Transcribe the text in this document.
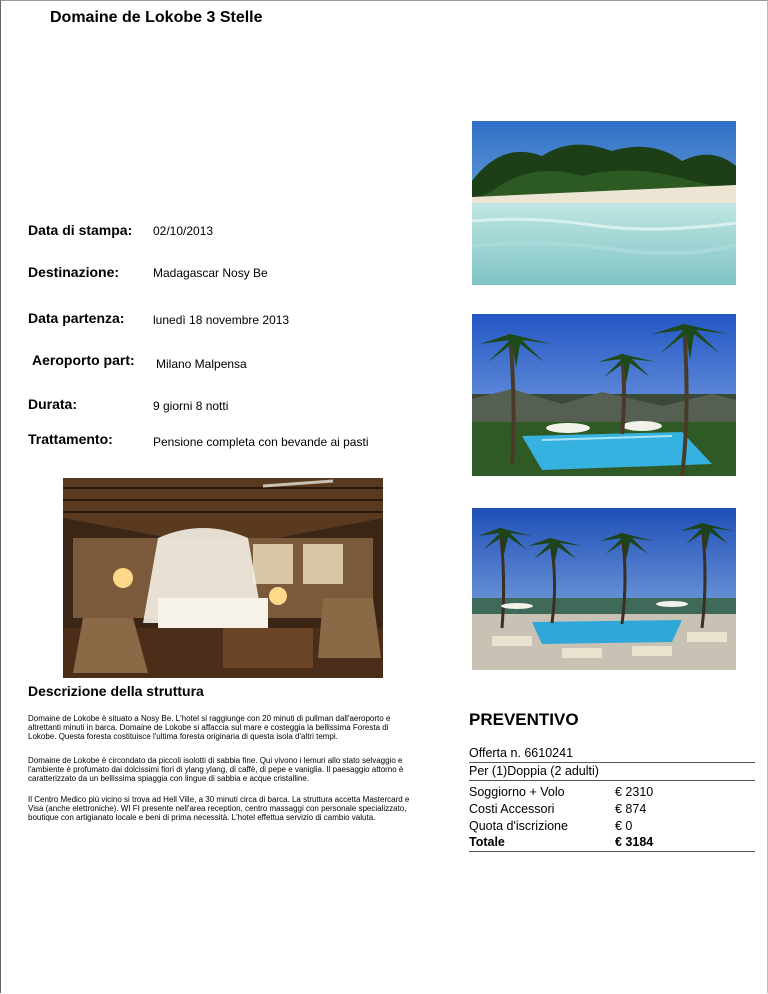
Domaine de Lokobe 3 Stelle
Data di stampa: 02/10/2013
Destinazione:	Madagascar Nosy Be
Data partenza: lunedì 18 novembre 2013
Aeroporto part: Milano Malpensa
Durata:	9 giorni 8 notti
Trattamento:	Pensione completa con bevande ai pasti
Descrizione della struttura
Domaine de Lokobe è situato a Nosy Be. L'hotel si raggiunge con 20 minuti di pullman dall'aeroporto e altrettanti minuti in barca. Domaine de Lokobe si affaccia sul mare e costeggia la bellissima Foresta di Lokobe. Questa foresta costituisce l'ultima foresta originaria di questa isola d'altri tempi.
Domaine de Lokobe è circondato da piccoli isolotti di sabbia fine. Qui vivono i lemuri allo stato selvaggio e l'ambiente è profumato dai dolcissimi fiori di ylang ylang, di caffè, di pepe e vaniglia. Il paesaggio attorno è caratterizzato da un bellissima spiaggia con lingue di sabbia e acque cristalline.
Il Centro Medico più vicino si trova ad Hell Ville, a 30 minuti circa di barca. La struttura accetta Mastercard e Visa (anche elettroniche). WI FI presente nell'area reception, centro massaggi con personale specializzato, boutique con artigianato locale e beni di prima necessità. L'hotel effettua servizio di cambio valuta.
PREVENTIVO
Offerta n. 6610241
Per (1)Doppia (2 adulti)
Soggiorno + Volo	€ 2310
Costi Accessori	€ 874
Quota d'iscrizione	€ 0
Totale	€ 3184
